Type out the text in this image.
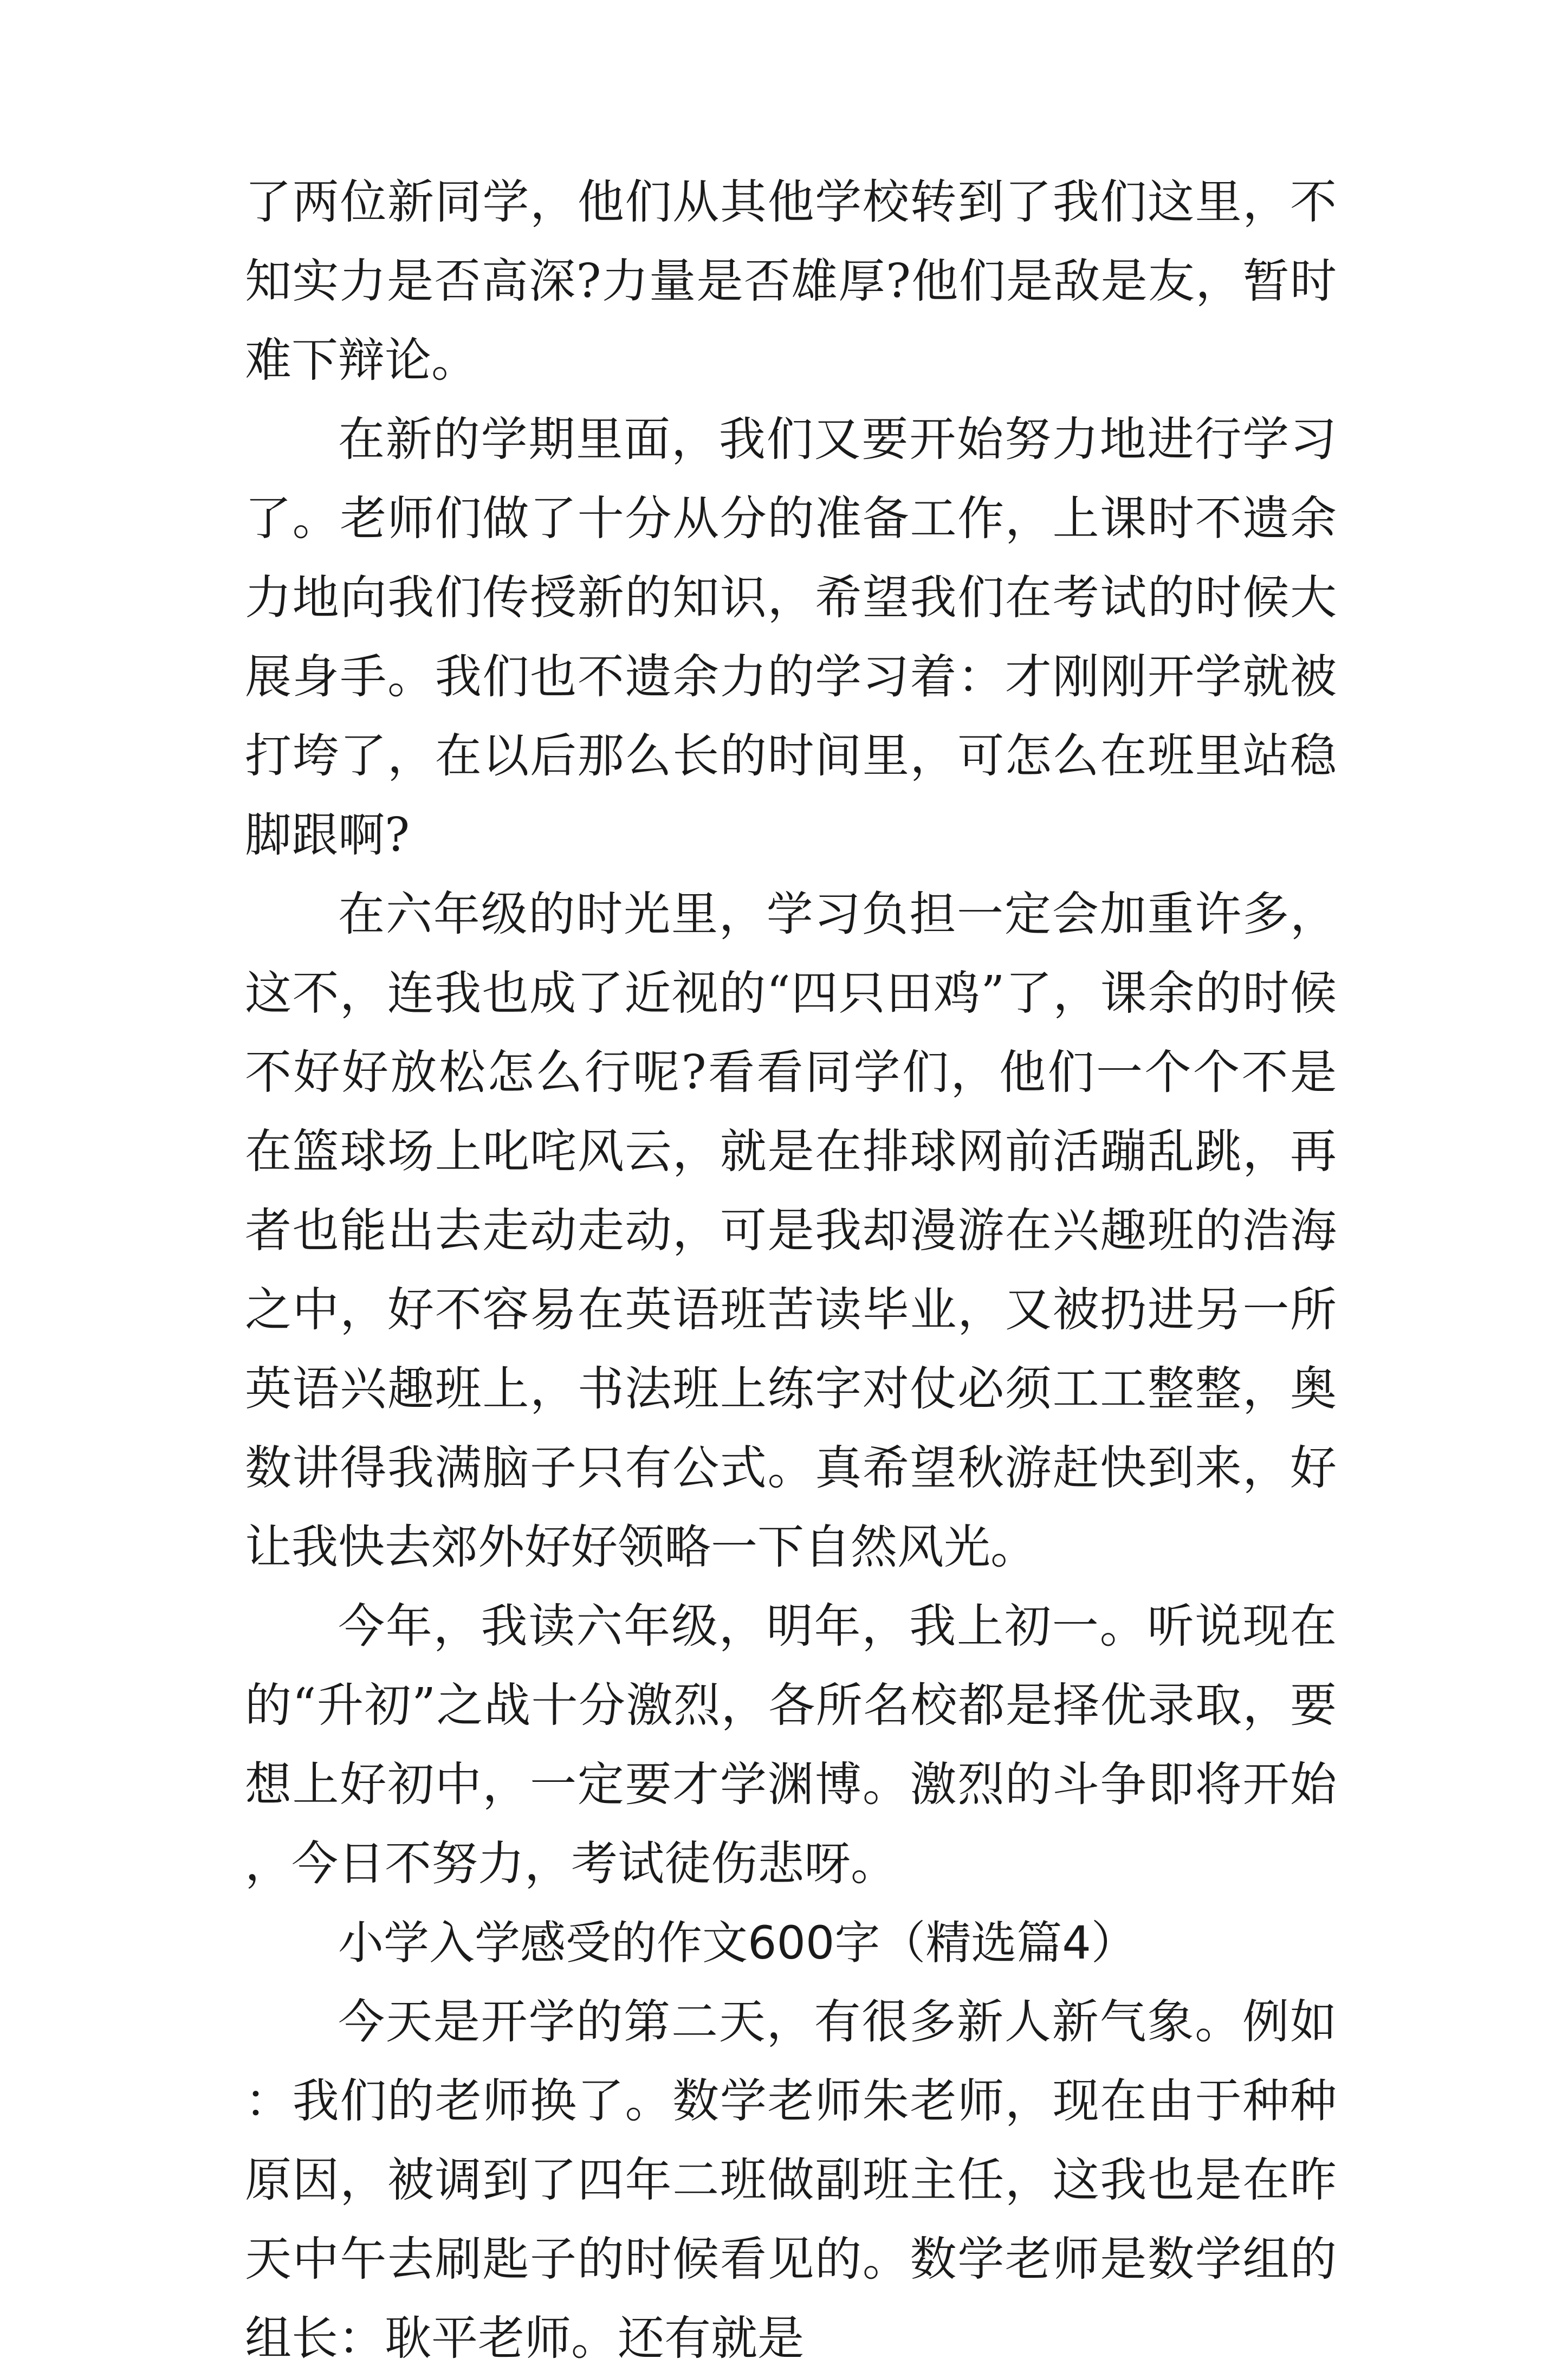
了两位新同学，他们从其他学校转到了我们这里，不知实力是否高深?力量是否雄厚?他们是敌是友，暂时难下辩论。

在新的学期里面，我们又要开始努力地进行学习了。老师们做了十分从分的准备工作，上课时不遗余力地向我们传授新的知识，希望我们在考试的时候大展身手。我们也不遗余力的学习着：才刚刚开学就被打垮了，在以后那么长的时间里，可怎么在班里站稳脚跟啊?

在六年级的时光里，学习负担一定会加重许多，这不，连我也成了近视的“四只田鸡”了，课余的时候不好好放松怎么行呢?看看同学们，他们一个个不是在篮球场上叱咤风云，就是在排球网前活蹦乱跳，再者也能出去走动走动，可是我却漫游在兴趣班的浩海之中，好不容易在英语班苦读毕业，又被扔进另一所英语兴趣班上，书法班上练字对仗必须工工整整，奥数讲得我满脑子只有公式。真希望秋游赶快到来，好让我快去郊外好好领略一下自然风光。

今年，我读六年级，明年，我上初一。听说现在的“升初”之战十分激烈，各所名校都是择优录取，要想上好初中，一定要才学渊博。激烈的斗争即将开始，今日不努力，考试徒伤悲呀。

小学入学感受的作文600字（精选篇4）

今天是开学的第二天，有很多新人新气象。例如：我们的老师换了。数学老师朱老师，现在由于种种原因，被调到了四年二班做副班主任，这我也是在昨天中午去刷匙子的时候看见的。数学老师是数学组的组长：耿平老师。还有就是
